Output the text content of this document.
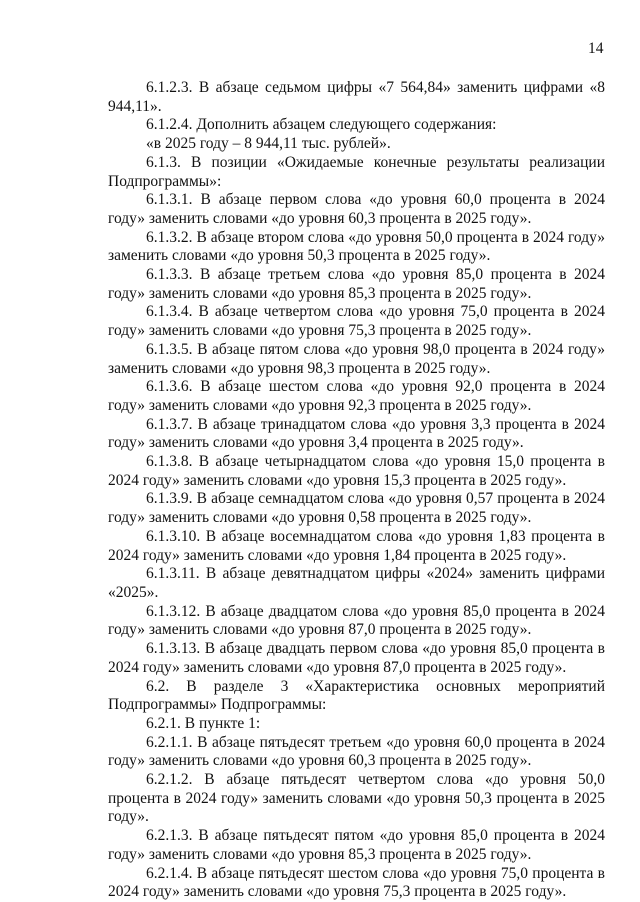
14

6.1.2.3. В абзаце седьмом цифры «7 564,84» заменить цифрами «8 944,11».

6.1.2.4. Дополнить абзацем следующего содержания:

«в 2025 году – 8 944,11 тыс. рублей».

6.1.3. В позиции «Ожидаемые конечные результаты реализации Подпрограммы»:

6.1.3.1. В абзаце первом слова «до уровня 60,0 процента в 2024 году» заменить словами «до уровня 60,3 процента в 2025 году».

6.1.3.2. В абзаце втором слова «до уровня 50,0 процента в 2024 году» заменить словами «до уровня 50,3 процента в 2025 году».

6.1.3.3. В абзаце третьем слова «до уровня 85,0 процента в 2024 году» заменить словами «до уровня 85,3 процента в 2025 году».

6.1.3.4. В абзаце четвертом слова «до уровня 75,0 процента в 2024 году» заменить словами «до уровня 75,3 процента в 2025 году».

6.1.3.5. В абзаце пятом слова «до уровня 98,0 процента в 2024 году» заменить словами «до уровня 98,3 процента в 2025 году».

6.1.3.6. В абзаце шестом слова «до уровня 92,0 процента в 2024 году» заменить словами «до уровня 92,3 процента в 2025 году».

6.1.3.7. В абзаце тринадцатом слова «до уровня 3,3 процента в 2024 году» заменить словами «до уровня 3,4 процента в 2025 году».

6.1.3.8. В абзаце четырнадцатом слова «до уровня 15,0 процента в 2024 году» заменить словами «до уровня 15,3 процента в 2025 году».

6.1.3.9. В абзаце семнадцатом слова «до уровня 0,57 процента в 2024 году» заменить словами «до уровня 0,58 процента в 2025 году».

6.1.3.10. В абзаце восемнадцатом слова «до уровня 1,83 процента в 2024 году» заменить словами «до уровня 1,84 процента в 2025 году».

6.1.3.11. В абзаце девятнадцатом цифры «2024» заменить цифрами «2025».

6.1.3.12. В абзаце двадцатом слова «до уровня 85,0 процента в 2024 году» заменить словами «до уровня 87,0 процента в 2025 году».

6.1.3.13. В абзаце двадцать первом слова «до уровня 85,0 процента в 2024 году» заменить словами «до уровня 87,0 процента в 2025 году».

6.2. В разделе 3 «Характеристика основных мероприятий Подпрограммы» Подпрограммы:

6.2.1. В пункте 1:

6.2.1.1. В абзаце пятьдесят третьем «до уровня 60,0 процента в 2024 году» заменить словами «до уровня 60,3 процента в 2025 году».

6.2.1.2. В абзаце пятьдесят четвертом слова «до уровня 50,0 процента в 2024 году» заменить словами «до уровня 50,3 процента в 2025 году».

6.2.1.3. В абзаце пятьдесят пятом «до уровня 85,0 процента в 2024 году» заменить словами «до уровня 85,3 процента в 2025 году».

6.2.1.4. В абзаце пятьдесят шестом слова «до уровня 75,0 процента в 2024 году» заменить словами «до уровня 75,3 процента в 2025 году».
